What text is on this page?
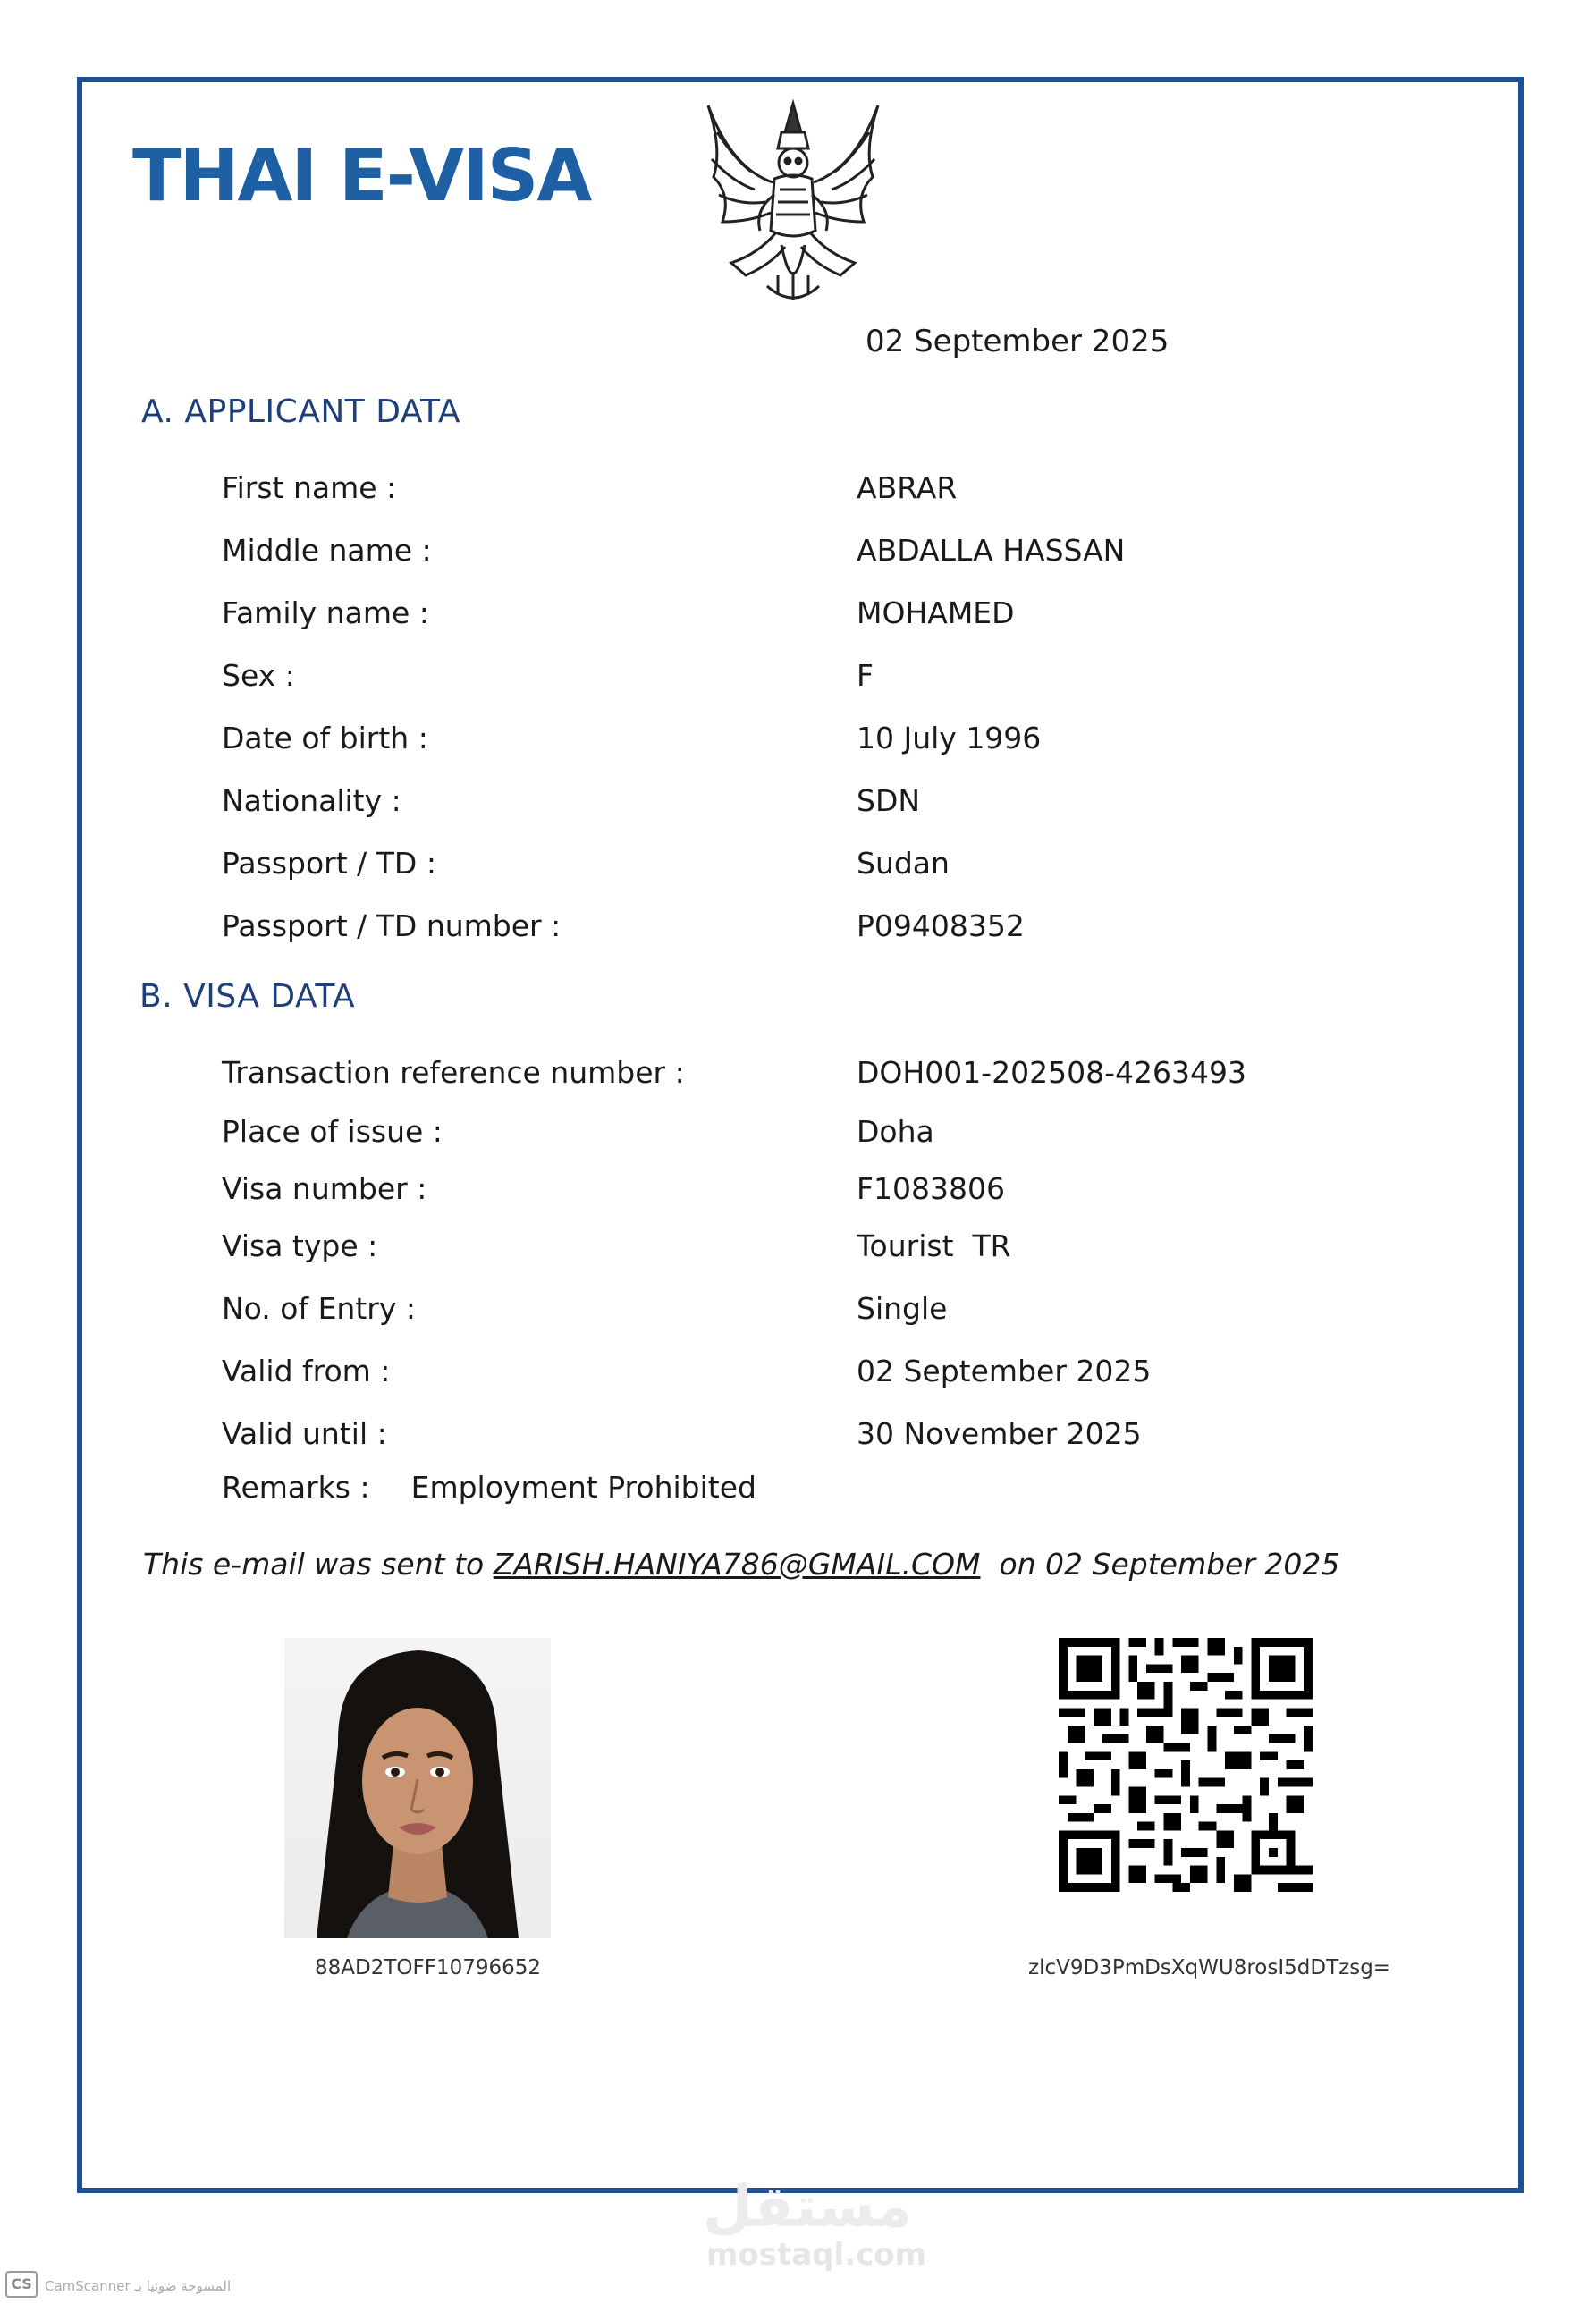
THAI E-VISA
02 September 2025
A. APPLICANT DATA
First name :	ABRAR
Middle name :	ABDALLA HASSAN
Family name :	MOHAMED
Sex :	F
Date of birth :	10 July 1996
Nationality :	SDN
Passport / TD :	Sudan
Passport / TD number :	P09408352
B. VISA DATA
Transaction reference number :	DOH001-202508-4263493
Place of issue :	Doha
Visa number :	F1083806
Visa type :	Tourist  TR
No. of Entry :	Single
Valid from :	02 September 2025
Valid until :	30 November 2025
Remarks : Employment Prohibited
This e-mail was sent to ZARISH.HANIYA786@GMAIL.COM  on 02 September 2025
88AD2TOFF10796652	zlcV9D3PmDsXqWU8rosI5dDTzsg=
مستقل
mostaql.com
CS CamScanner المسوحة ضوئيا بـ
